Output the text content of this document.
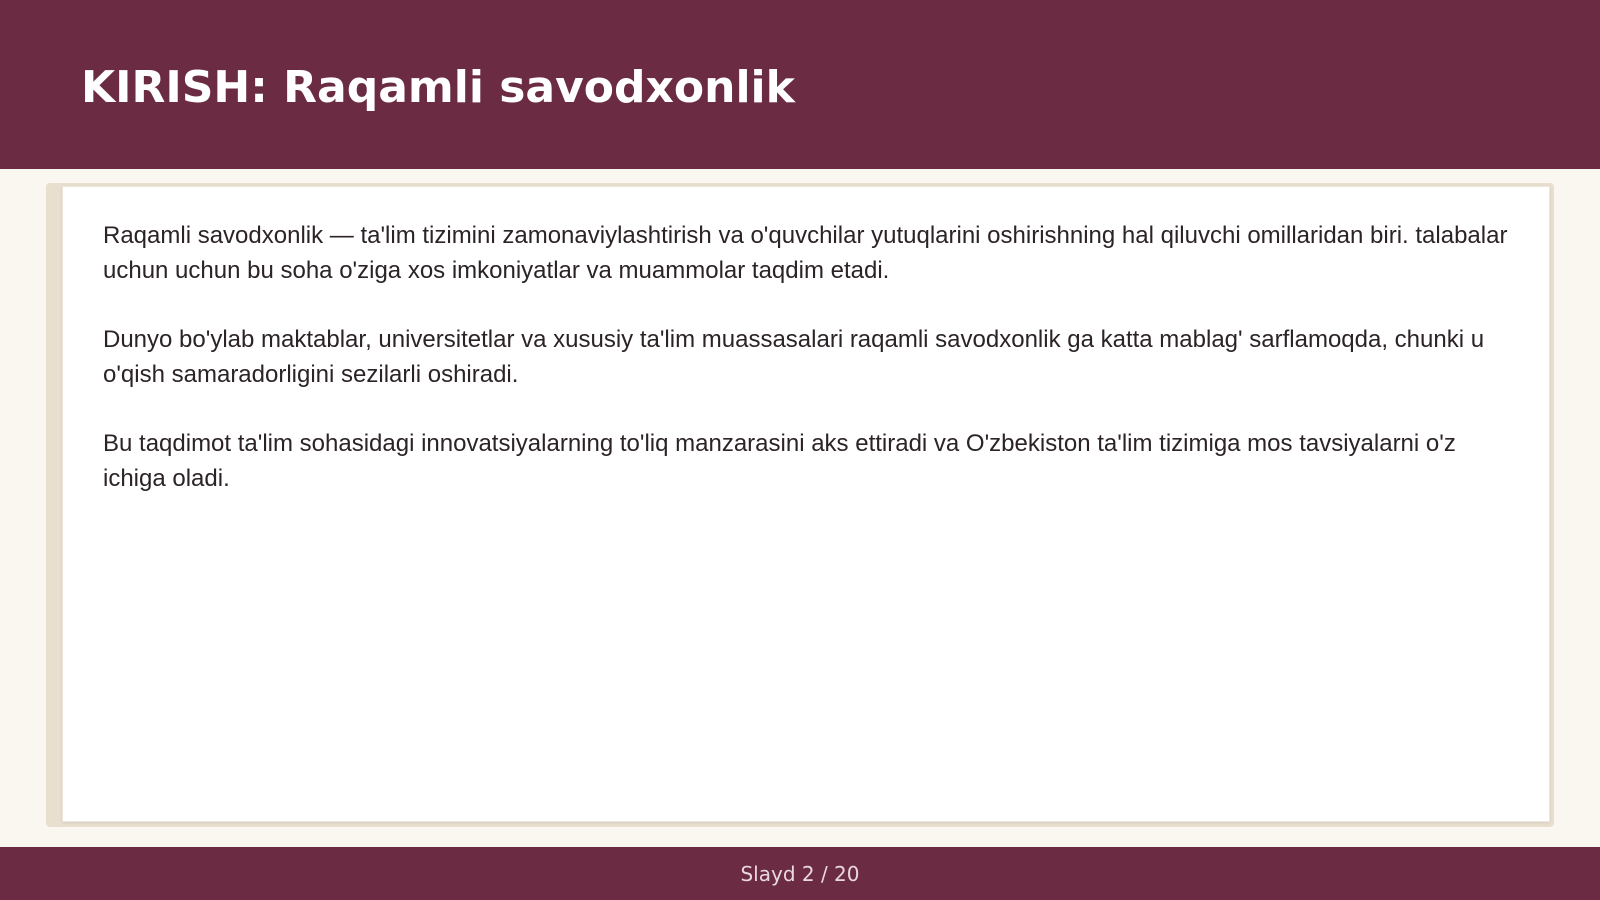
KIRISH: Raqamli savodxonlik

Raqamli savodxonlik — ta'lim tizimini zamonaviylashtirish va o'quvchilar yutuqlarini oshirishning hal qiluvchi omillaridan biri. talabalar uchun uchun bu soha o'ziga xos imkoniyatlar va muammolar taqdim etadi.

Dunyo bo'ylab maktablar, universitetlar va xususiy ta'lim muassasalari raqamli savodxonlik ga katta mablag' sarflamoqda, chunki u o'qish samaradorligini sezilarli oshiradi.

Bu taqdimot ta'lim sohasidagi innovatsiyalarning to'liq manzarasini aks ettiradi va O'zbekiston ta'lim tizimiga mos tavsiyalarni o'z ichiga oladi.

Slayd 2 / 20
